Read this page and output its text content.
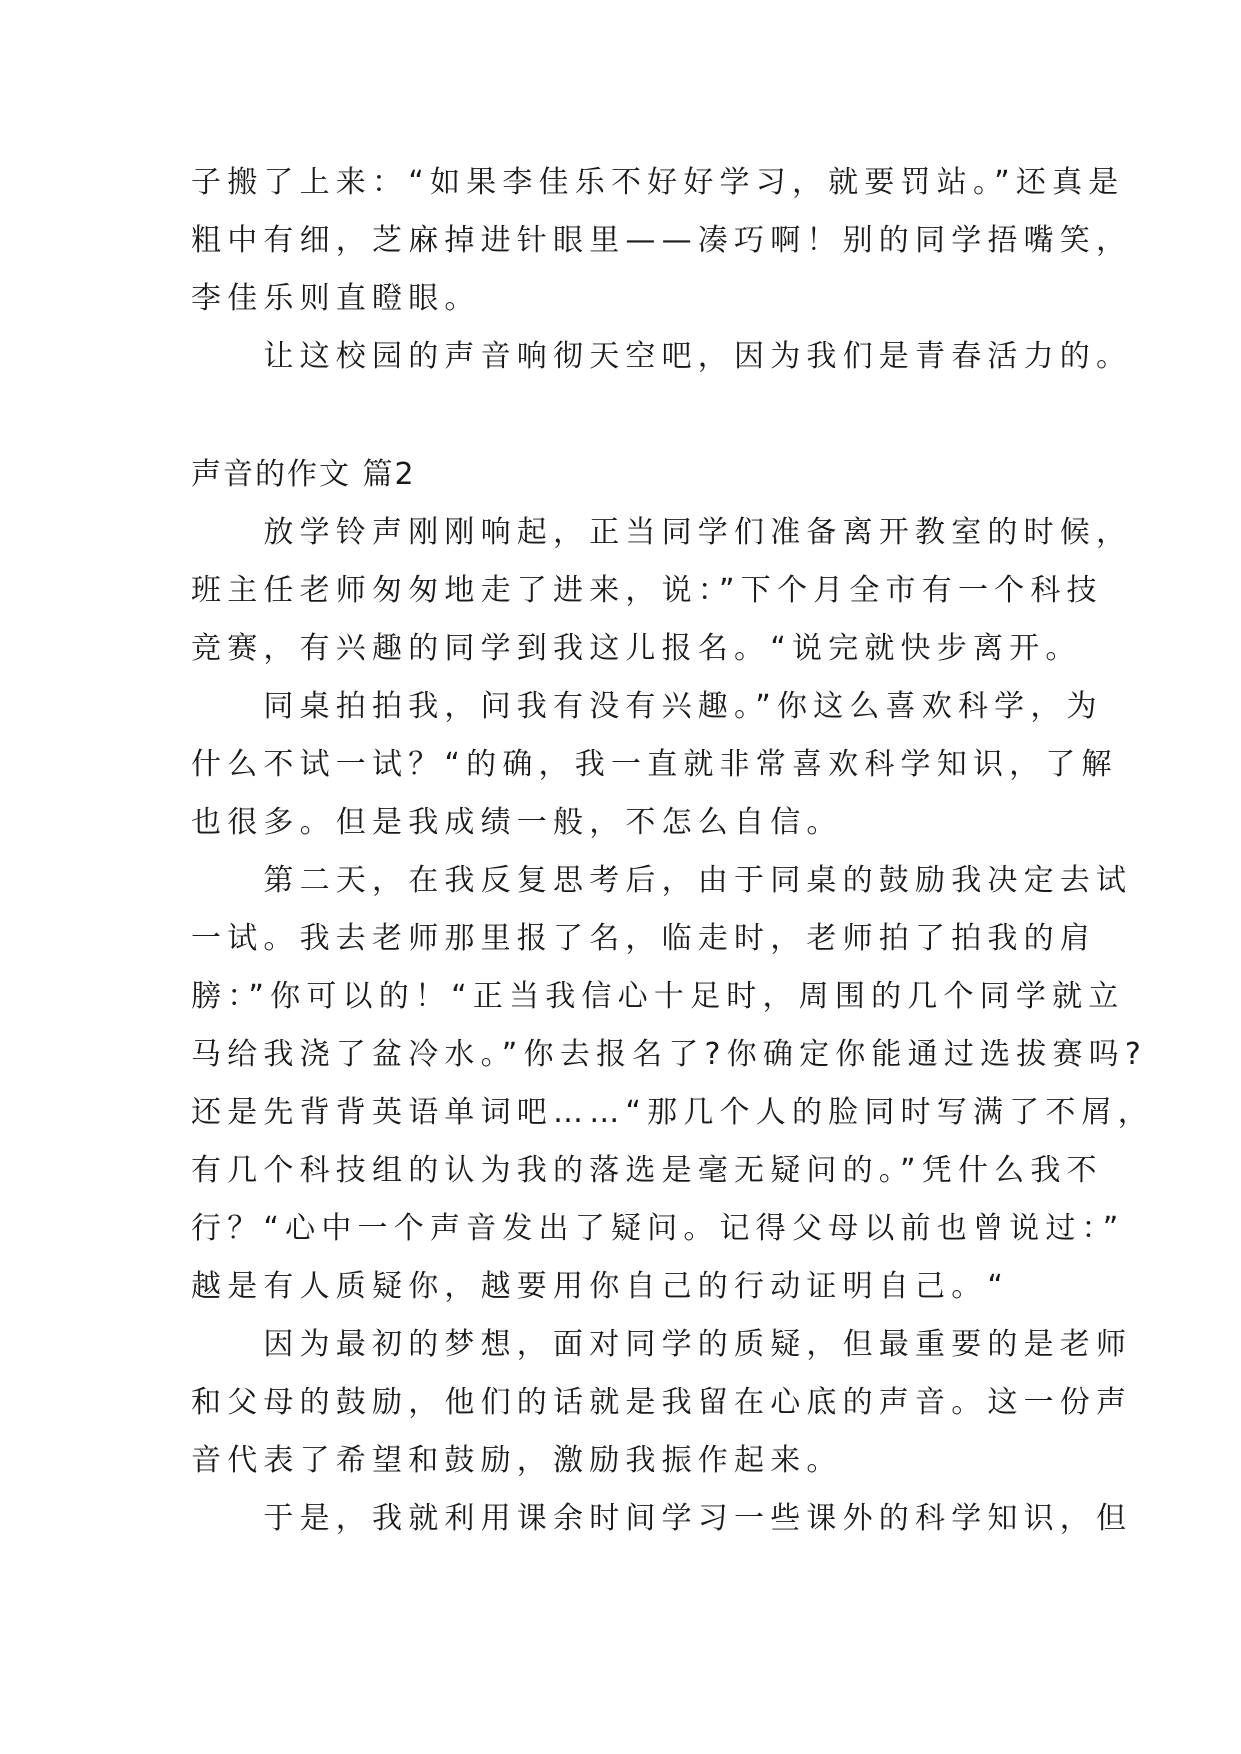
子搬了上来：“如果李佳乐不好好学习，就要罚站。”还真是
粗中有细，芝麻掉进针眼里——凑巧啊！别的同学捂嘴笑，
李佳乐则直瞪眼。
　　让这校园的声音响彻天空吧，因为我们是青春活力的。
声音的作文 篇2
　　放学铃声刚刚响起，正当同学们准备离开教室的时候，
班主任老师匆匆地走了进来，说：”下个月全市有一个科技
竞赛，有兴趣的同学到我这儿报名。“说完就快步离开。
　　同桌拍拍我，问我有没有兴趣。”你这么喜欢科学，为
什么不试一试？“的确，我一直就非常喜欢科学知识，了解
也很多。但是我成绩一般，不怎么自信。
　　第二天，在我反复思考后，由于同桌的鼓励我决定去试
一试。我去老师那里报了名，临走时，老师拍了拍我的肩
膀：”你可以的！“正当我信心十足时，周围的几个同学就立
马给我浇了盆冷水。”你去报名了?你确定你能通过选拔赛吗?
还是先背背英语单词吧……“那几个人的脸同时写满了不屑，
有几个科技组的认为我的落选是毫无疑问的。”凭什么我不
行？“心中一个声音发出了疑问。记得父母以前也曾说过：”
越是有人质疑你，越要用你自己的行动证明自己。“
　　因为最初的梦想，面对同学的质疑，但最重要的是老师
和父母的鼓励，他们的话就是我留在心底的声音。这一份声
音代表了希望和鼓励，激励我振作起来。
　　于是，我就利用课余时间学习一些课外的科学知识，但
